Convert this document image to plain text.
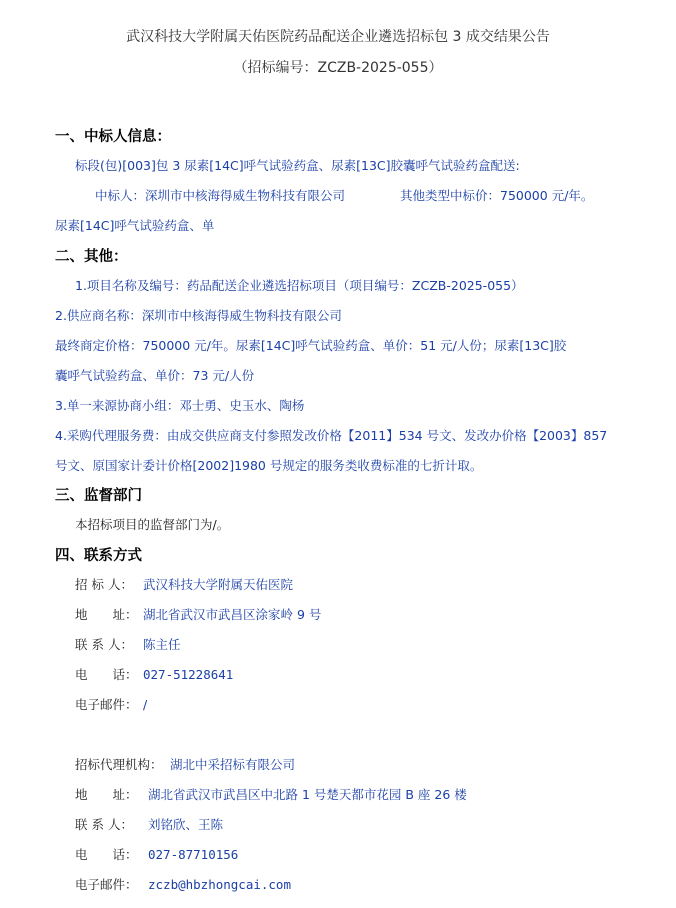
武汉科技大学附属天佑医院药品配送企业遴选招标包 3 成交结果公告
（招标编号：ZCZB-2025-055）
一、中标人信息：
标段(包)[003]包 3 尿素[14C]呼气试验药盒、尿素[13C]胶囊呼气试验药盒配送:
中标人：深圳市中核海得威生物科技有限公司	其他类型中标价：750000 元/年。
尿素[14C]呼气试验药盒、单
二、其他：
1.项目名称及编号：药品配送企业遴选招标项目（项目编号：ZCZB-2025-055）
2.供应商名称：深圳市中核海得威生物科技有限公司
最终商定价格：750000 元/年。尿素[14C]呼气试验药盒、单价：51 元/人份；尿素[13C]胶
囊呼气试验药盒、单价：73 元/人份
3.单一来源协商小组：邓士勇、史玉水、陶杨
4.采购代理服务费：由成交供应商支付参照发改价格【2011】534 号文、发改办价格【2003】857
号文、原国家计委计价格[2002]1980 号规定的服务类收费标准的七折计取。
三、监督部门
本招标项目的监督部门为/。
四、联系方式
招 标 人： 武汉科技大学附属天佑医院
地　　址： 湖北省武汉市武昌区涂家岭 9 号
联 系 人： 陈主任
电　　话： 027-51228641
电子邮件： /
招标代理机构： 湖北中采招标有限公司
地　　址： 湖北省武汉市武昌区中北路 1 号楚天都市花园 B 座 26 楼
联 系 人： 刘铭欣、王陈
电　　话： 027-87710156
电子邮件： zczb@hbzhongcai.com
